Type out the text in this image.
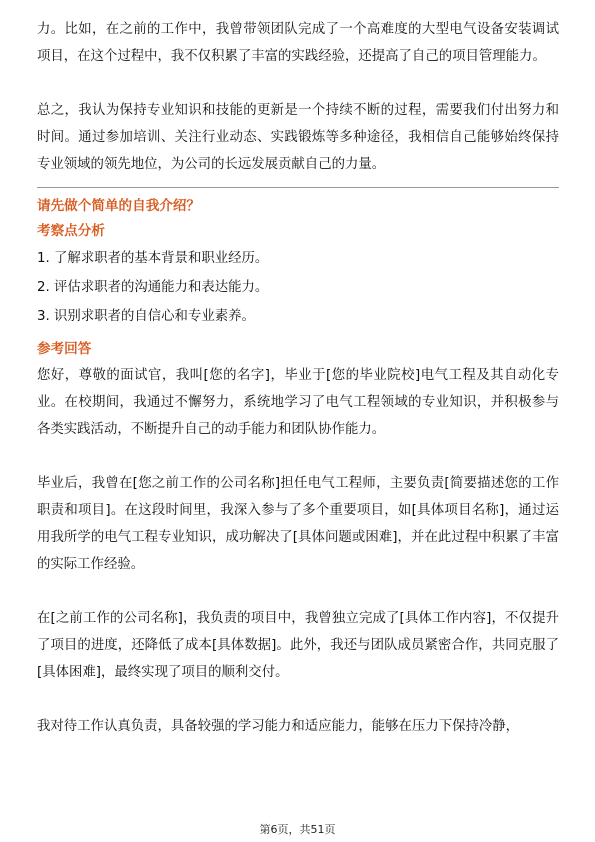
力。比如，在之前的工作中，我曾带领团队完成了一个高难度的大型电气设备安装调试项目，在这个过程中，我不仅积累了丰富的实践经验，还提高了自己的项目管理能力。

总之，我认为保持专业知识和技能的更新是一个持续不断的过程，需要我们付出努力和时间。通过参加培训、关注行业动态、实践锻炼等多种途径，我相信自己能够始终保持专业领域的领先地位，为公司的长远发展贡献自己的力量。

请先做个简单的自我介绍？

考察点分析

1. 了解求职者的基本背景和职业经历。
2. 评估求职者的沟通能力和表达能力。
3. 识别求职者的自信心和专业素养。

参考回答

您好，尊敬的面试官，我叫[您的名字]，毕业于[您的毕业院校]电气工程及其自动化专业。在校期间，我通过不懈努力，系统地学习了电气工程领域的专业知识，并积极参与各类实践活动，不断提升自己的动手能力和团队协作能力。

毕业后，我曾在[您之前工作的公司名称]担任电气工程师，主要负责[简要描述您的工作职责和项目]。在这段时间里，我深入参与了多个重要项目，如[具体项目名称]，通过运用我所学的电气工程专业知识，成功解决了[具体问题或困难]，并在此过程中积累了丰富的实际工作经验。

在[之前工作的公司名称]，我负责的项目中，我曾独立完成了[具体工作内容]，不仅提升了项目的进度，还降低了成本[具体数据]。此外，我还与团队成员紧密合作，共同克服了[具体困难]，最终实现了项目的顺利交付。

我对待工作认真负责，具备较强的学习能力和适应能力，能够在压力下保持冷静，

第6页，共51页
